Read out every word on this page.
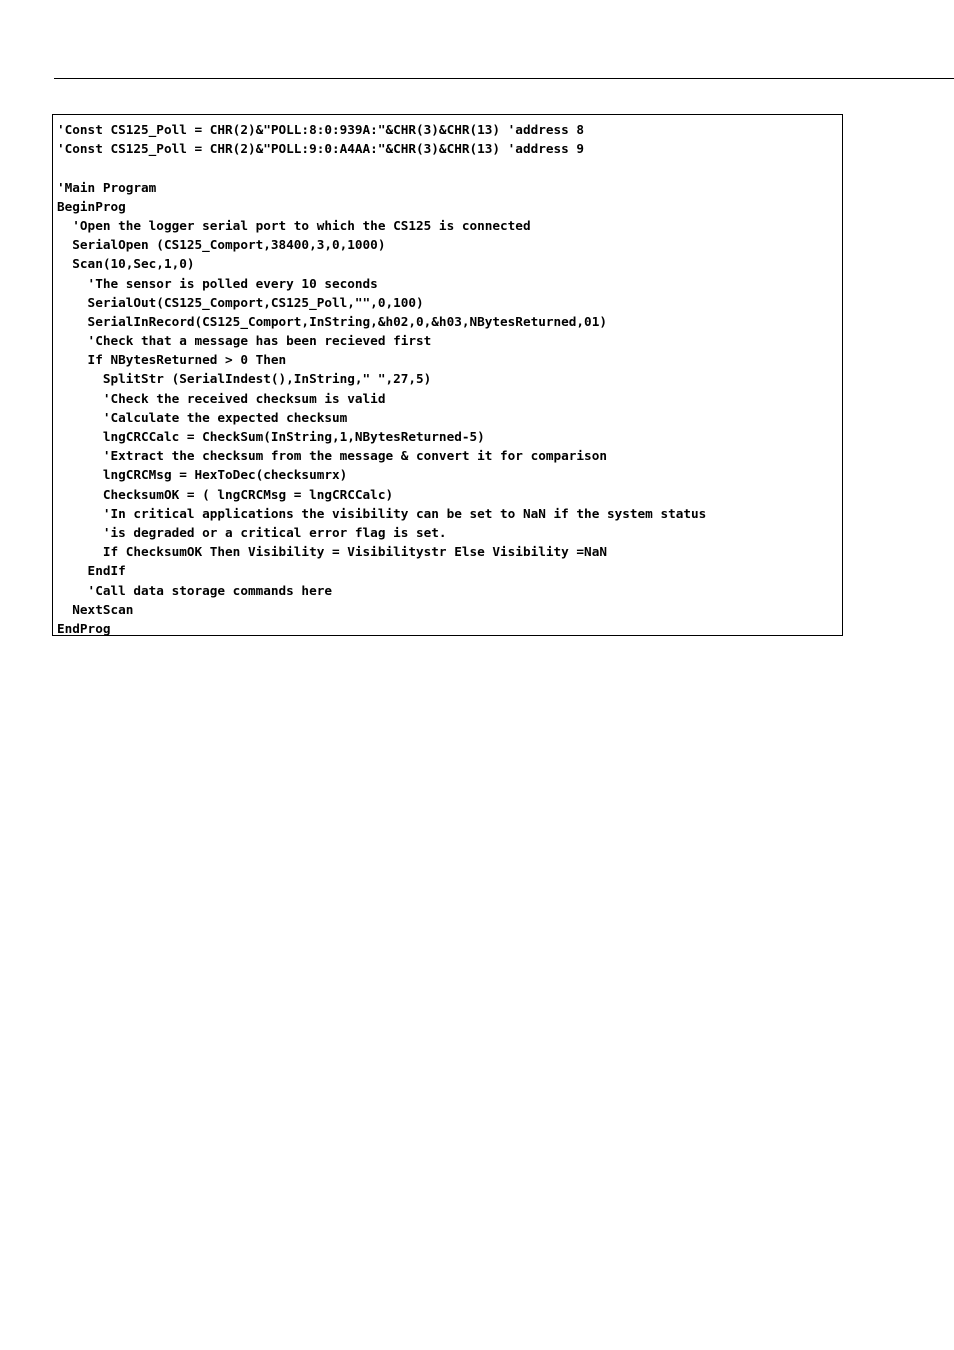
'Const CS125_Poll = CHR(2)&"POLL:8:0:939A:"&CHR(3)&CHR(13) 'address 8
'Const CS125_Poll = CHR(2)&"POLL:9:0:A4AA:"&CHR(3)&CHR(13) 'address 9
'Main Program
BeginProg
'Open the logger serial port to which the CS125 is connected
SerialOpen (CS125_Comport,38400,3,0,1000)
Scan(10,Sec,1,0)
'The sensor is polled every 10 seconds
SerialOut(CS125_Comport,CS125_Poll,"",0,100)
SerialInRecord(CS125_Comport,InString,&h02,0,&h03,NBytesReturned,01)
'Check that a message has been recieved first
If NBytesReturned > 0 Then
SplitStr (SerialIndest(),InString," ",27,5)
'Check the received checksum is valid
'Calculate the expected checksum
lngCRCCalc = CheckSum(InString,1,NBytesReturned-5)
'Extract the checksum from the message & convert it for comparison
lngCRCMsg = HexToDec(checksumrx)
ChecksumOK = ( lngCRCMsg = lngCRCCalc)
'In critical applications the visibility can be set to NaN if the system status
'is degraded or a critical error flag is set.
If ChecksumOK Then Visibility = Visibilitystr Else Visibility =NaN
EndIf
'Call data storage commands here
NextScan
EndProg
